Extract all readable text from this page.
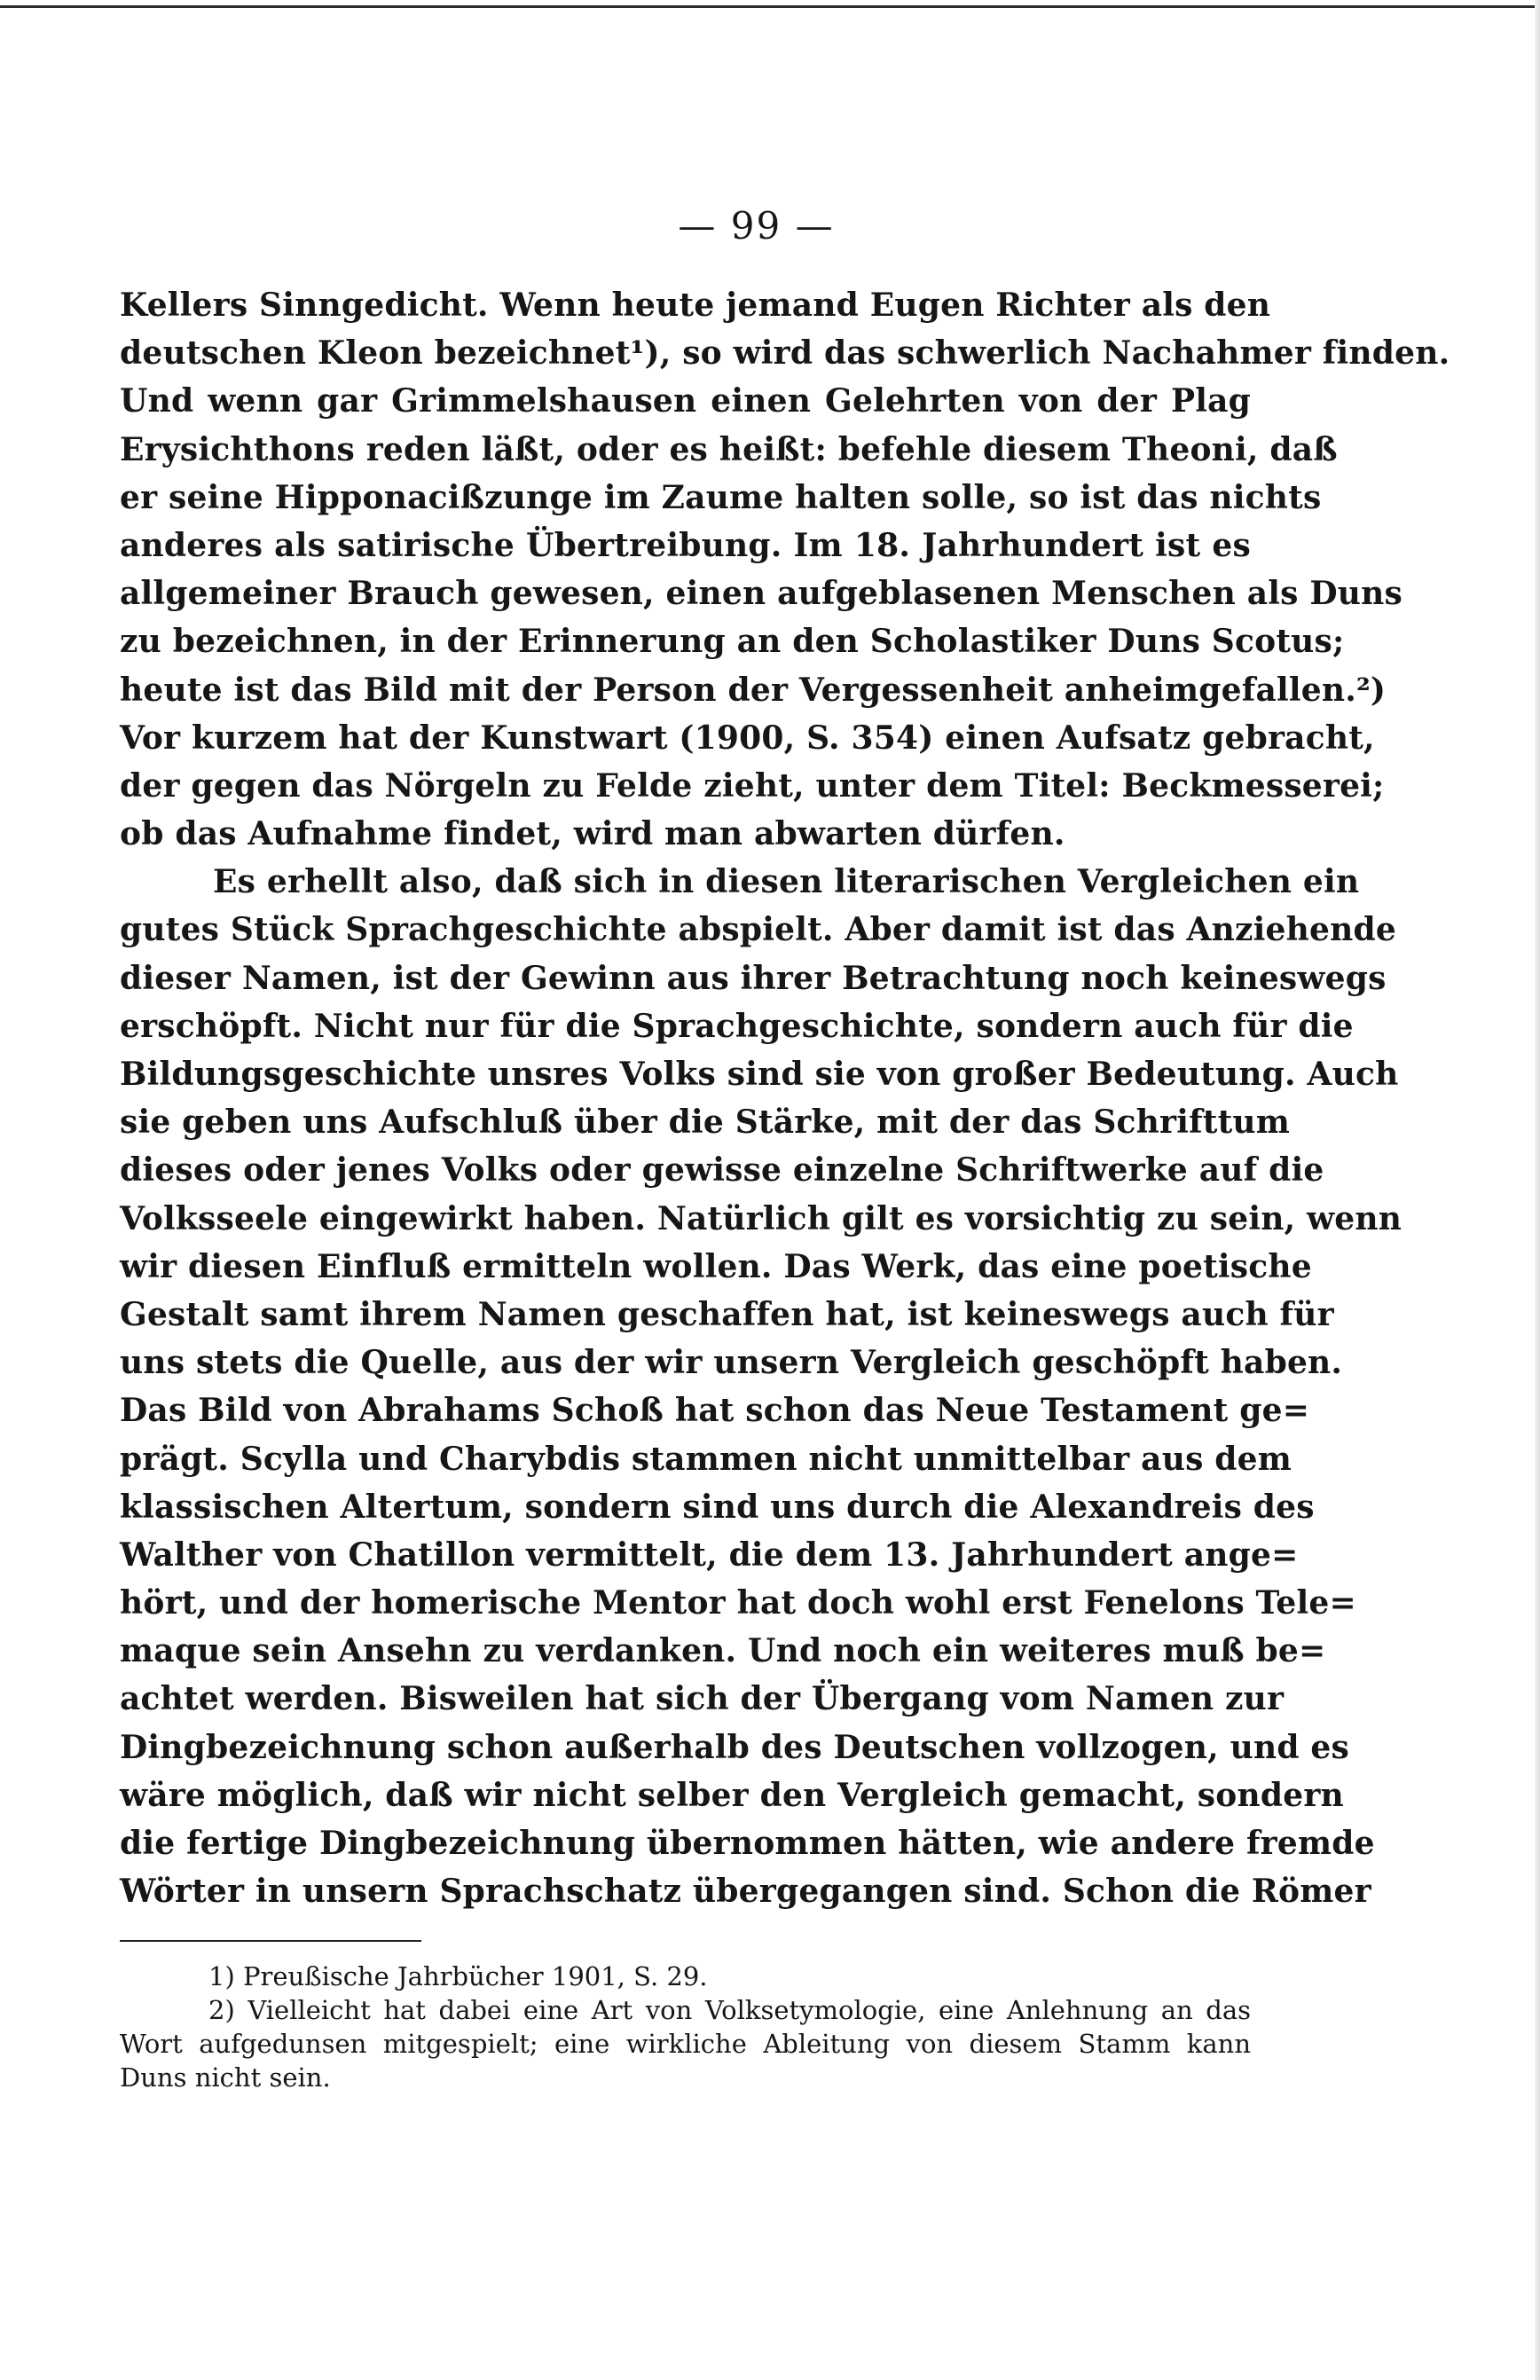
— 99 —
Kellers Sinngedicht. Wenn heute jemand Eugen Richter als den
deutschen Kleon bezeichnet¹), so wird das schwerlich Nachahmer finden.
Und wenn gar Grimmelshausen einen Gelehrten von der Plag
Erysichthons reden läßt, oder es heißt: befehle diesem Theoni, daß
er seine Hipponacißzunge im Zaume halten solle, so ist das nichts
anderes als satirische Übertreibung. Im 18. Jahrhundert ist es
allgemeiner Brauch gewesen, einen aufgeblasenen Menschen als Duns
zu bezeichnen, in der Erinnerung an den Scholastiker Duns Scotus;
heute ist das Bild mit der Person der Vergessenheit anheimgefallen.²)
Vor kurzem hat der Kunstwart (1900, S. 354) einen Aufsatz gebracht,
der gegen das Nörgeln zu Felde zieht, unter dem Titel: Beckmesserei;
ob das Aufnahme findet, wird man abwarten dürfen.
Es erhellt also, daß sich in diesen literarischen Vergleichen ein
gutes Stück Sprachgeschichte abspielt. Aber damit ist das Anziehende
dieser Namen, ist der Gewinn aus ihrer Betrachtung noch keineswegs
erschöpft. Nicht nur für die Sprachgeschichte, sondern auch für die
Bildungsgeschichte unsres Volks sind sie von großer Bedeutung. Auch
sie geben uns Aufschluß über die Stärke, mit der das Schrifttum
dieses oder jenes Volks oder gewisse einzelne Schriftwerke auf die
Volksseele eingewirkt haben. Natürlich gilt es vorsichtig zu sein, wenn
wir diesen Einfluß ermitteln wollen. Das Werk, das eine poetische
Gestalt samt ihrem Namen geschaffen hat, ist keineswegs auch für
uns stets die Quelle, aus der wir unsern Vergleich geschöpft haben.
Das Bild von Abrahams Schoß hat schon das Neue Testament ge=
prägt. Scylla und Charybdis stammen nicht unmittelbar aus dem
klassischen Altertum, sondern sind uns durch die Alexandreis des
Walther von Chatillon vermittelt, die dem 13. Jahrhundert ange=
hört, und der homerische Mentor hat doch wohl erst Fenelons Tele=
maque sein Ansehn zu verdanken. Und noch ein weiteres muß be=
achtet werden. Bisweilen hat sich der Übergang vom Namen zur
Dingbezeichnung schon außerhalb des Deutschen vollzogen, und es
wäre möglich, daß wir nicht selber den Vergleich gemacht, sondern
die fertige Dingbezeichnung übernommen hätten, wie andere fremde
Wörter in unsern Sprachschatz übergegangen sind. Schon die Römer
1) Preußische Jahrbücher 1901, S. 29.
2) Vielleicht hat dabei eine Art von Volksetymologie, eine Anlehnung an das
Wort aufgedunsen mitgespielt; eine wirkliche Ableitung von diesem Stamm kann
Duns nicht sein.
